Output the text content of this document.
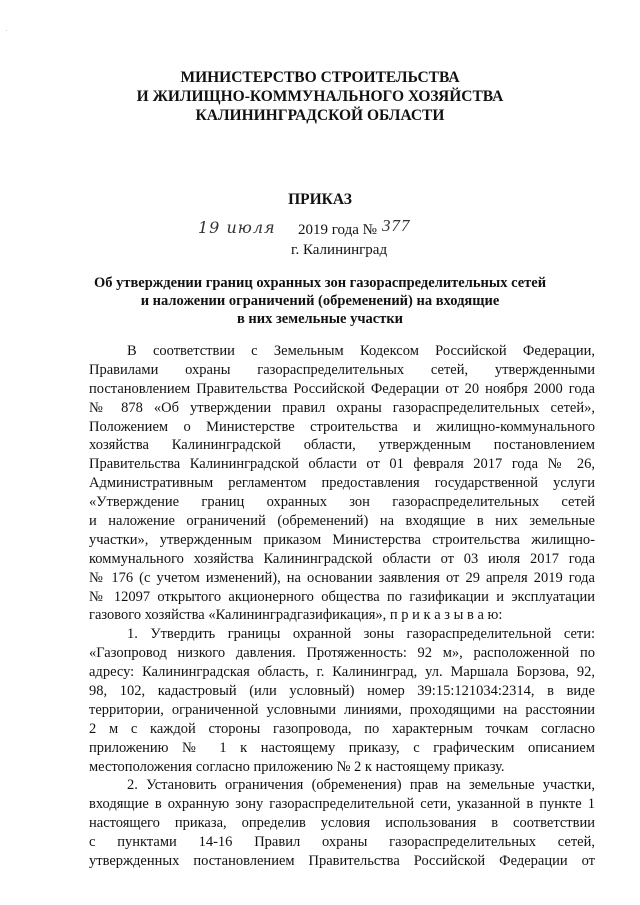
МИНИСТЕРСТВО СТРОИТЕЛЬСТВА
И ЖИЛИЩНО-КОММУНАЛЬНОГО ХОЗЯЙСТВА
КАЛИНИНГРАДСКОЙ ОБЛАСТИ
ПРИКАЗ
19 июля 2019 года № 377
г. Калининград
Об утверждении границ охранных зон газораспределительных сетей
и наложении ограничений (обременений) на входящие
в них земельные участки
В соответствии с Земельным Кодексом Российской Федерации,
Правилами охраны газораспределительных сетей, утвержденными
постановлением Правительства Российской Федерации от 20 ноября 2000 года
№ 878 «Об утверждении правил охраны газораспределительных сетей»,
Положением о Министерстве строительства и жилищно-коммунального
хозяйства Калининградской области, утвержденным постановлением
Правительства Калининградской области от 01 февраля 2017 года № 26,
Административным регламентом предоставления государственной услуги
«Утверждение границ охранных зон газораспределительных сетей
и наложение ограничений (обременений) на входящие в них земельные
участки», утвержденным приказом Министерства строительства жилищно-
коммунального хозяйства Калининградской области от 03 июля 2017 года
№ 176 (с учетом изменений), на основании заявления от 29 апреля 2019 года
№ 12097 открытого акционерного общества по газификации и эксплуатации
газового хозяйства «Калининградгазификация», п р и к а з ы в а ю:
1. Утвердить границы охранной зоны газораспределительной сети:
«Газопровод низкого давления. Протяженность: 92 м», расположенной по
адресу: Калининградская область, г. Калининград, ул. Маршала Борзова, 92,
98, 102, кадастровый (или условный) номер 39:15:121034:2314, в виде
территории, ограниченной условными линиями, проходящими на расстоянии
2 м с каждой стороны газопровода, по характерным точкам согласно
приложению № 1 к настоящему приказу, с графическим описанием
местоположения согласно приложению № 2 к настоящему приказу.
2. Установить ограничения (обременения) прав на земельные участки,
входящие в охранную зону газораспределительной сети, указанной в пункте 1
настоящего приказа, определив условия использования в соответствии
с пунктами 14-16 Правил охраны газораспределительных сетей,
утвержденных постановлением Правительства Российской Федерации от
